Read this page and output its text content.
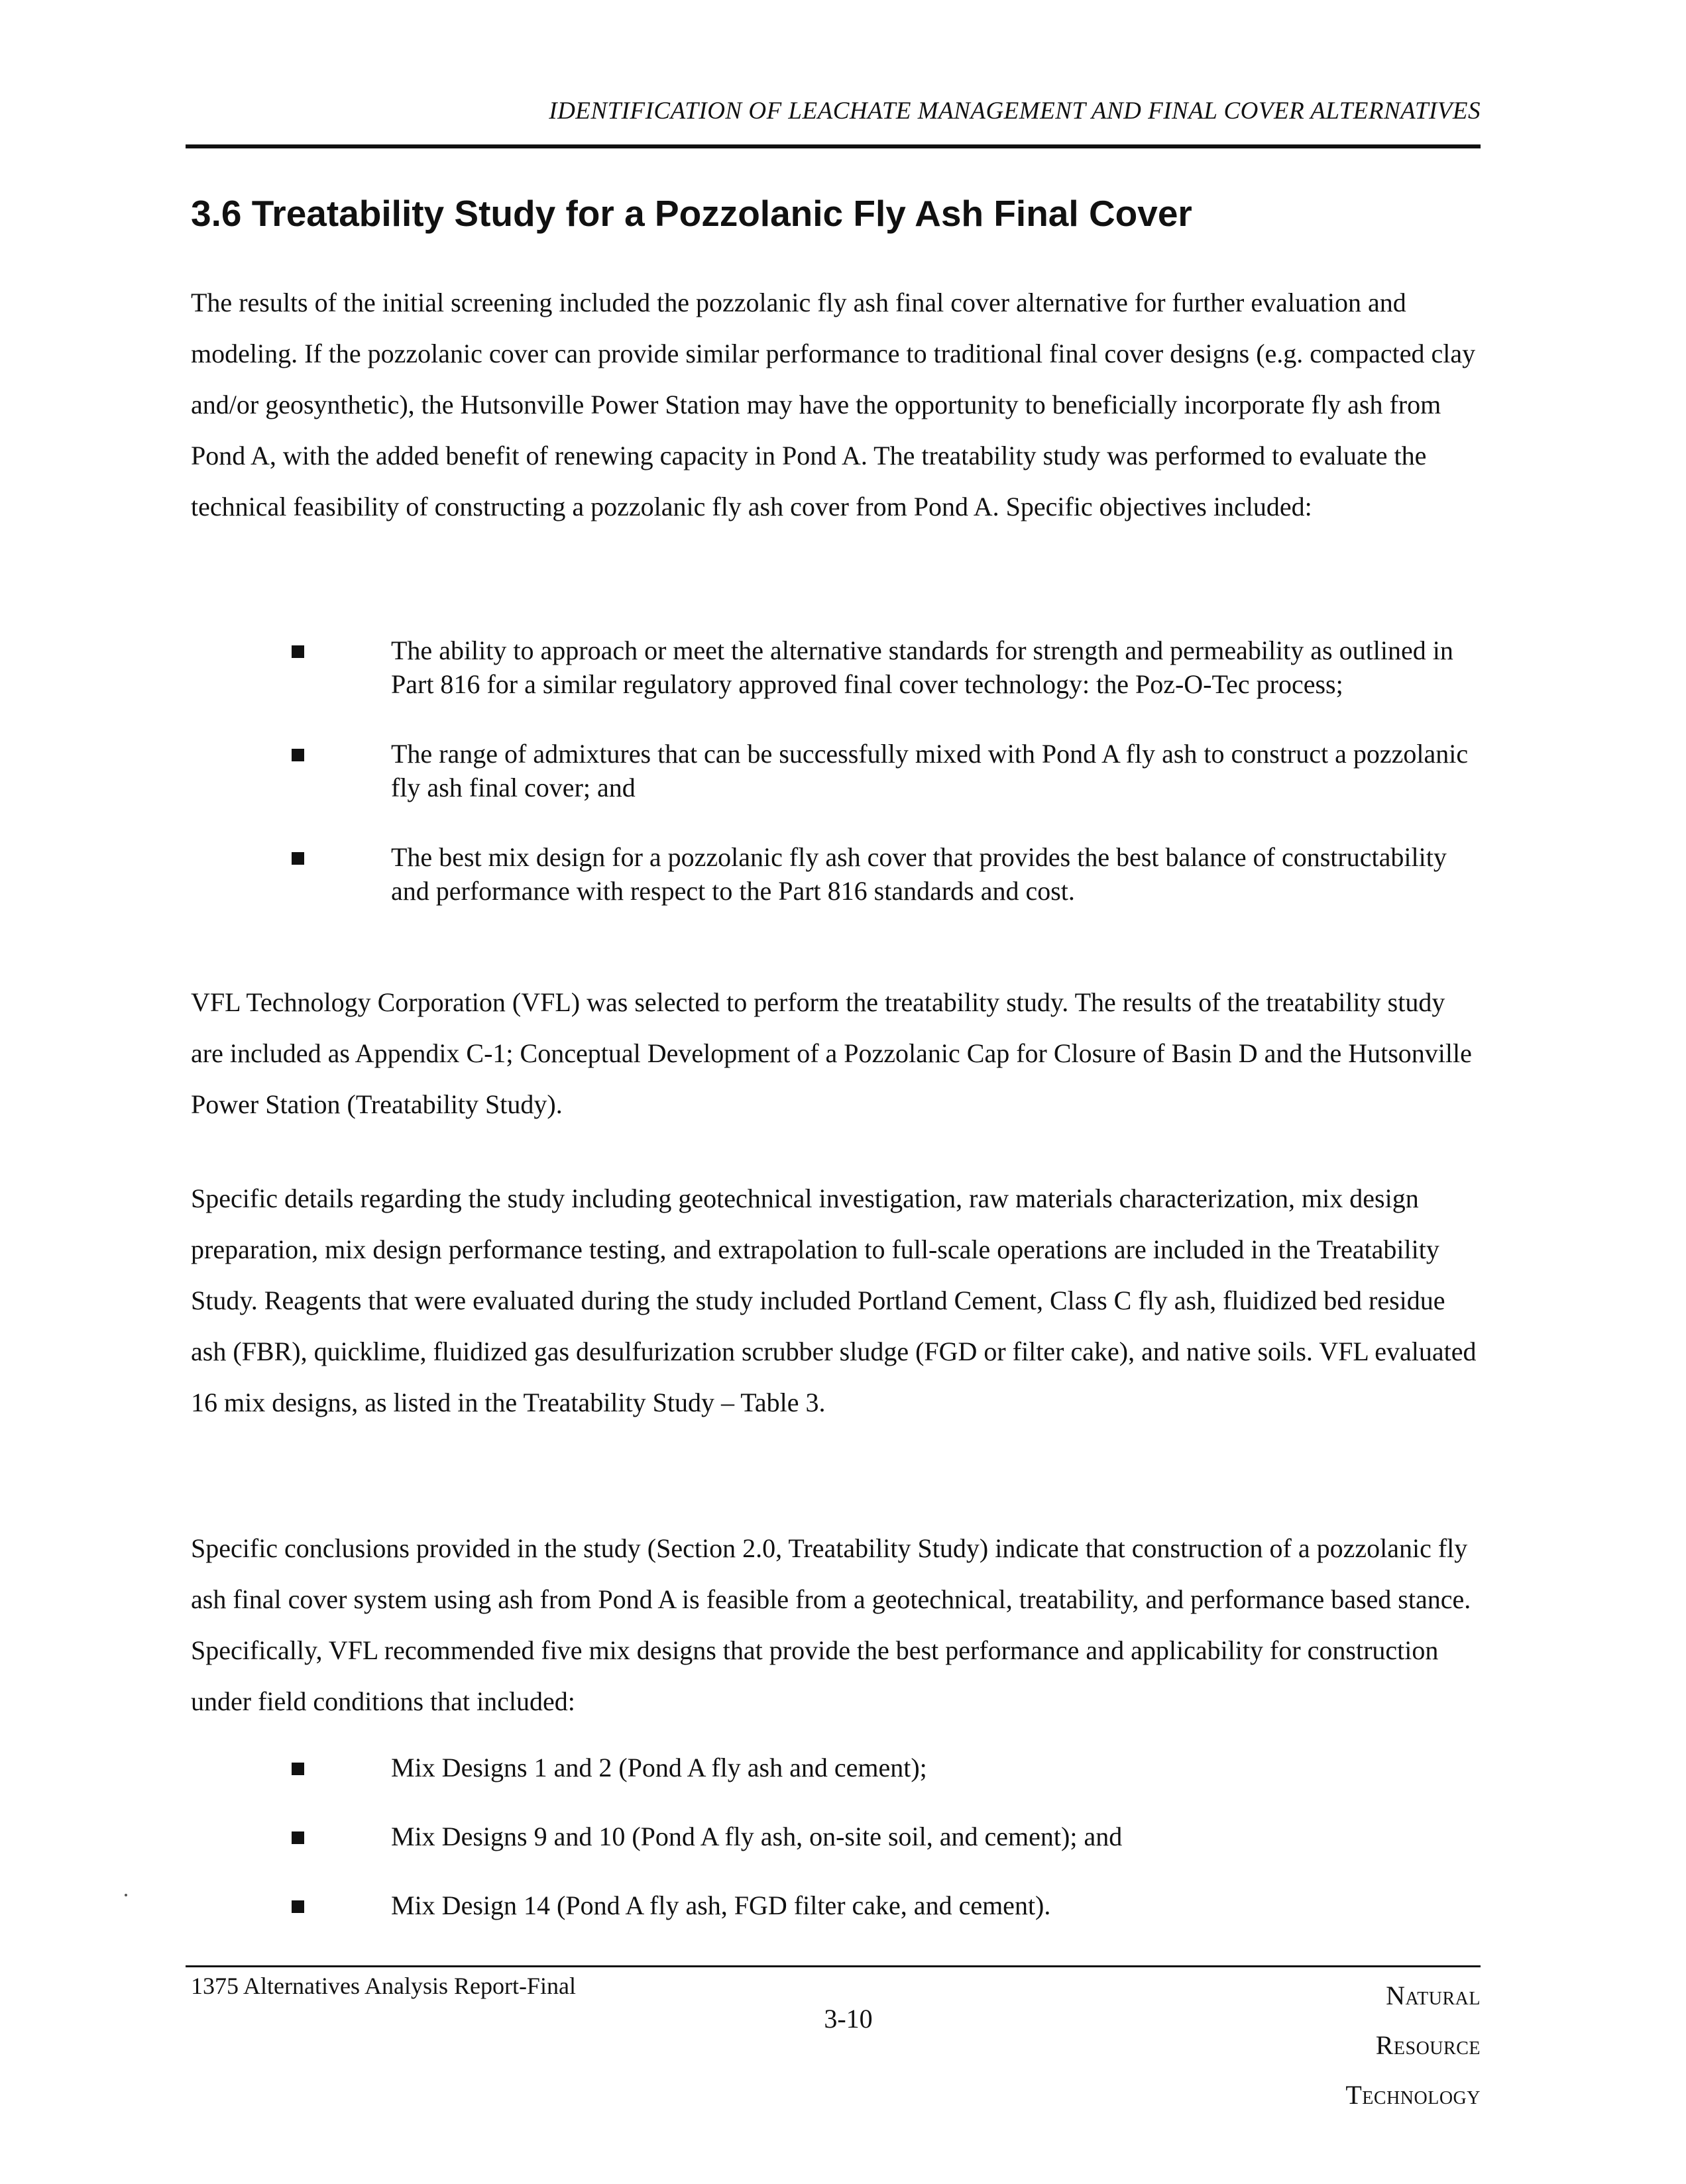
IDENTIFICATION OF LEACHATE MANAGEMENT AND FINAL COVER ALTERNATIVES
3.6 Treatability Study for a Pozzolanic Fly Ash Final Cover

The results of the initial screening included the pozzolanic fly ash final cover alternative for further evaluation and modeling. If the pozzolanic cover can provide similar performance to traditional final cover designs (e.g. compacted clay and/or geosynthetic), the Hutsonville Power Station may have the opportunity to beneficially incorporate fly ash from Pond A, with the added benefit of renewing capacity in Pond A. The treatability study was performed to evaluate the technical feasibility of constructing a pozzolanic fly ash cover from Pond A. Specific objectives included:

The ability to approach or meet the alternative standards for strength and permeability as outlined in Part 816 for a similar regulatory approved final cover technology: the Poz-O-Tec process;
The range of admixtures that can be successfully mixed with Pond A fly ash to construct a pozzolanic fly ash final cover; and
The best mix design for a pozzolanic fly ash cover that provides the best balance of constructability and performance with respect to the Part 816 standards and cost.

VFL Technology Corporation (VFL) was selected to perform the treatability study. The results of the treatability study are included as Appendix C-1; Conceptual Development of a Pozzolanic Cap for Closure of Basin D and the Hutsonville Power Station (Treatability Study).

Specific details regarding the study including geotechnical investigation, raw materials characterization, mix design preparation, mix design performance testing, and extrapolation to full-scale operations are included in the Treatability Study. Reagents that were evaluated during the study included Portland Cement, Class C fly ash, fluidized bed residue ash (FBR), quicklime, fluidized gas desulfurization scrubber sludge (FGD or filter cake), and native soils. VFL evaluated 16 mix designs, as listed in the Treatability Study – Table 3.

Specific conclusions provided in the study (Section 2.0, Treatability Study) indicate that construction of a pozzolanic fly ash final cover system using ash from Pond A is feasible from a geotechnical, treatability, and performance based stance. Specifically, VFL recommended five mix designs that provide the best performance and applicability for construction under field conditions that included:

Mix Designs 1 and 2 (Pond A fly ash and cement);
Mix Designs 9 and 10 (Pond A fly ash, on-site soil, and cement); and
Mix Design 14 (Pond A fly ash, FGD filter cake, and cement).
1375 Alternatives Analysis Report-Final
3-10
Natural
Resource
Technology
